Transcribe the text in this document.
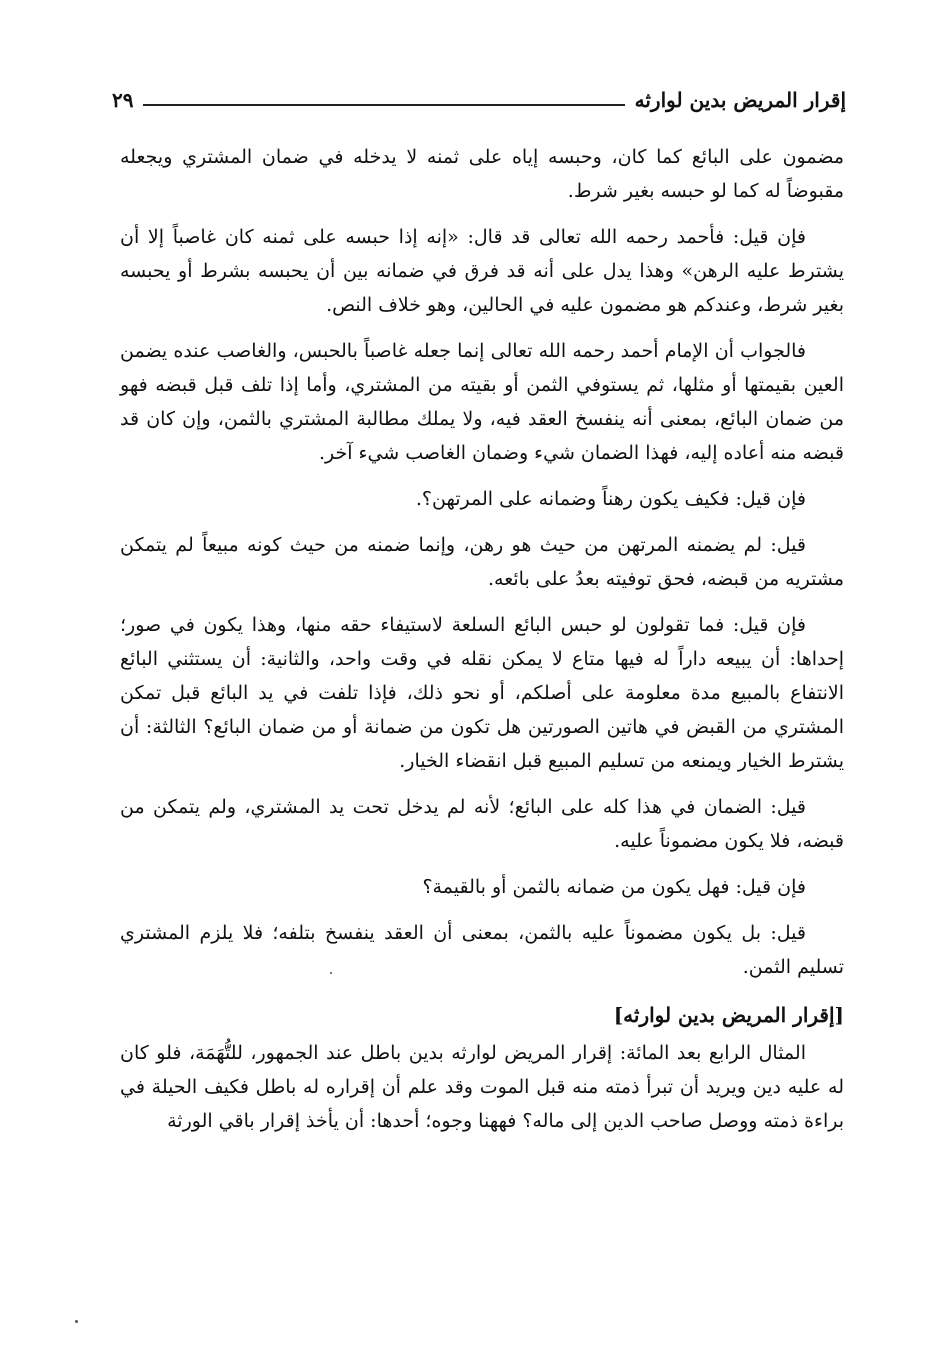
إقرار المريض بدين لوارثه
٢٩

مضمون على البائع كما كان، وحبسه إياه على ثمنه لا يدخله في ضمان المشتري ويجعله مقبوضاً له كما لو حبسه بغير شرط.

فإن قيل: فأحمد رحمه الله تعالى قد قال: «إنه إذا حبسه على ثمنه كان غاصباً إلا أن يشترط عليه الرهن» وهذا يدل على أنه قد فرق في ضمانه بين أن يحبسه بشرط أو يحبسه بغير شرط، وعندكم هو مضمون عليه في الحالين، وهو خلاف النص.

فالجواب أن الإمام أحمد رحمه الله تعالى إنما جعله غاصباً بالحبس، والغاصب عنده يضمن العين بقيمتها أو مثلها، ثم يستوفي الثمن أو بقيته من المشتري، وأما إذا تلف قبل قبضه فهو من ضمان البائع، بمعنى أنه ينفسخ العقد فيه، ولا يملك مطالبة المشتري بالثمن، وإن كان قد قبضه منه أعاده إليه، فهذا الضمان شيء وضمان الغاصب شيء آخر.

فإن قيل: فكيف يكون رهناً وضمانه على المرتهن؟.

قيل: لم يضمنه المرتهن من حيث هو رهن، وإنما ضمنه من حيث كونه مبيعاً لم يتمكن مشتريه من قبضه، فحق توفيته بعدُ على بائعه.

فإن قيل: فما تقولون لو حبس البائع السلعة لاستيفاء حقه منها، وهذا يكون في صور؛ إحداها: أن يبيعه داراً له فيها متاع لا يمكن نقله في وقت واحد، والثانية: أن يستثني البائع الانتفاع بالمبيع مدة معلومة على أصلكم، أو نحو ذلك، فإذا تلفت في يد البائع قبل تمكن المشتري من القبض في هاتين الصورتين هل تكون من ضمانة أو من ضمان البائع؟ الثالثة: أن يشترط الخيار ويمنعه من تسليم المبيع قبل انقضاء الخيار.

قيل: الضمان في هذا كله على البائع؛ لأنه لم يدخل تحت يد المشتري، ولم يتمكن من قبضه، فلا يكون مضموناً عليه.

فإن قيل: فهل يكون من ضمانه بالثمن أو بالقيمة؟

قيل: بل يكون مضموناً عليه بالثمن، بمعنى أن العقد ينفسخ بتلفه؛ فلا يلزم المشتري تسليم الثمن.

[إقرار المريض بدين لوارثه]

المثال الرابع بعد المائة: إقرار المريض لوارثه بدين باطل عند الجمهور، للتُّهَمَة، فلو كان له عليه دين ويريد أن تبرأ ذمته منه قبل الموت وقد علم أن إقراره له باطل فكيف الحيلة في براءة ذمته ووصل صاحب الدين إلى ماله؟ فههنا وجوه؛ أحدها: أن يأخذ إقرار باقي الورثة
